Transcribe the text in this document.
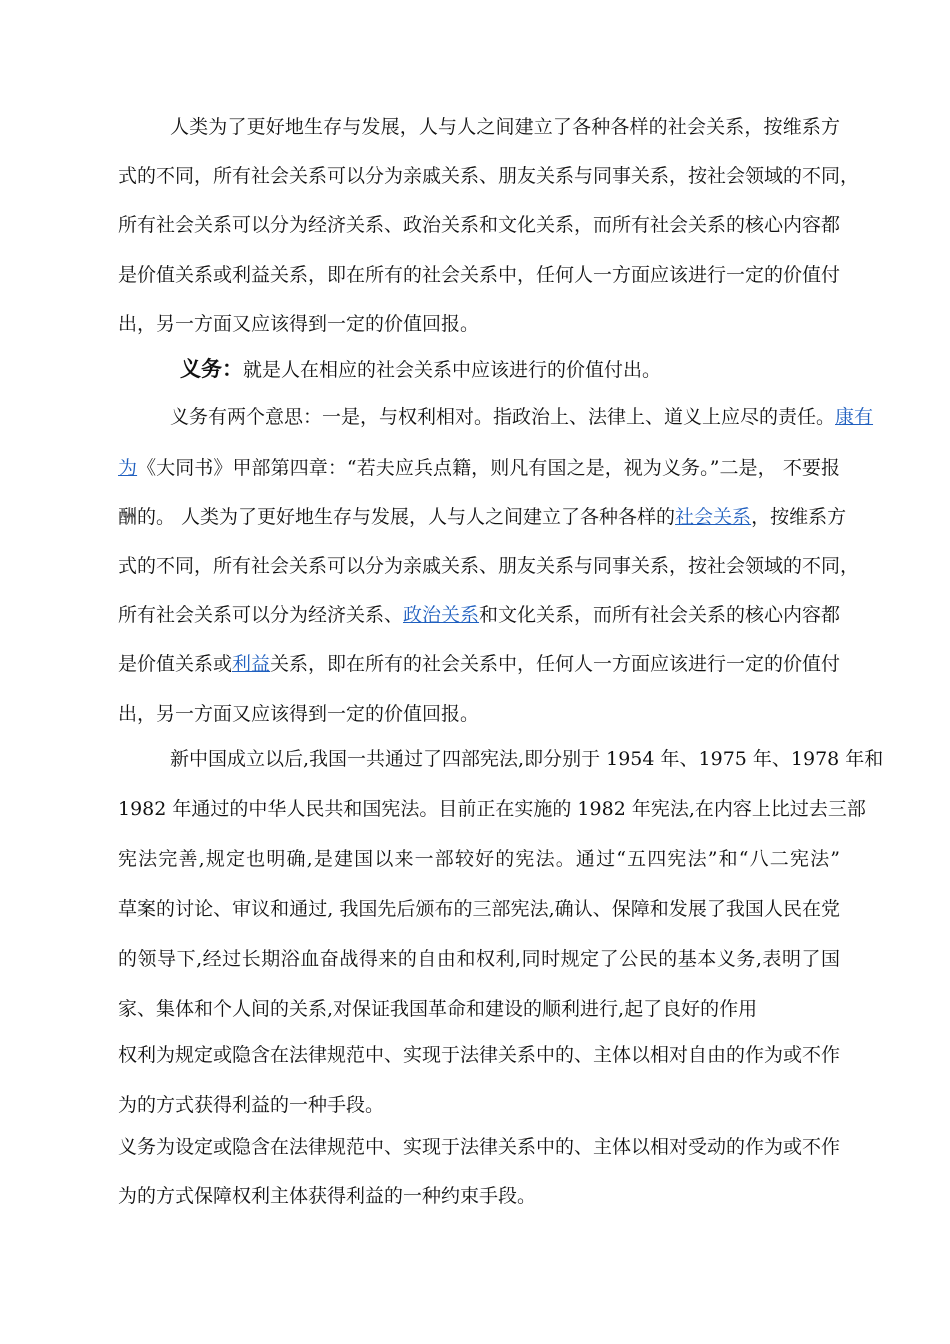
人类为了更好地生存与发展，人与人之间建立了各种各样的社会关系，按维系方
式的不同，所有社会关系可以分为亲戚关系、朋友关系与同事关系，按社会领域的不同，
所有社会关系可以分为经济关系、政治关系和文化关系，而所有社会关系的核心内容都
是价值关系或利益关系，即在所有的社会关系中，任何人一方面应该进行一定的价值付
出，另一方面又应该得到一定的价值回报。
义务：就是人在相应的社会关系中应该进行的价值付出。
义务有两个意思：一是，与权利相对。指政治上、法律上、道义上应尽的责任。康有
为《大同书》甲部第四章：“若夫应兵点籍，则凡有国之是，视为义务。”二是， 不要报
酬的。 人类为了更好地生存与发展，人与人之间建立了各种各样的社会关系，按维系方
式的不同，所有社会关系可以分为亲戚关系、朋友关系与同事关系，按社会领域的不同，
所有社会关系可以分为经济关系、政治关系和文化关系，而所有社会关系的核心内容都
是价值关系或利益关系，即在所有的社会关系中，任何人一方面应该进行一定的价值付
出，另一方面又应该得到一定的价值回报。
新中国成立以后,我国一共通过了四部宪法,即分别于 1954 年、1975 年、1978 年和
1982 年通过的中华人民共和国宪法。目前正在实施的 1982 年宪法,在内容上比过去三部
宪法完善,规定也明确,是建国以来一部较好的宪法。通过“五四宪法”和“八二宪法”
草案的讨论、审议和通过, 我国先后颁布的三部宪法,确认、保障和发展了我国人民在党
的领导下,经过长期浴血奋战得来的自由和权利,同时规定了公民的基本义务,表明了国
家、集体和个人间的关系,对保证我国革命和建设的顺利进行,起了良好的作用
权利为规定或隐含在法律规范中、实现于法律关系中的、主体以相对自由的作为或不作
为的方式获得利益的一种手段。
义务为设定或隐含在法律规范中、实现于法律关系中的、主体以相对受动的作为或不作
为的方式保障权利主体获得利益的一种约束手段。
